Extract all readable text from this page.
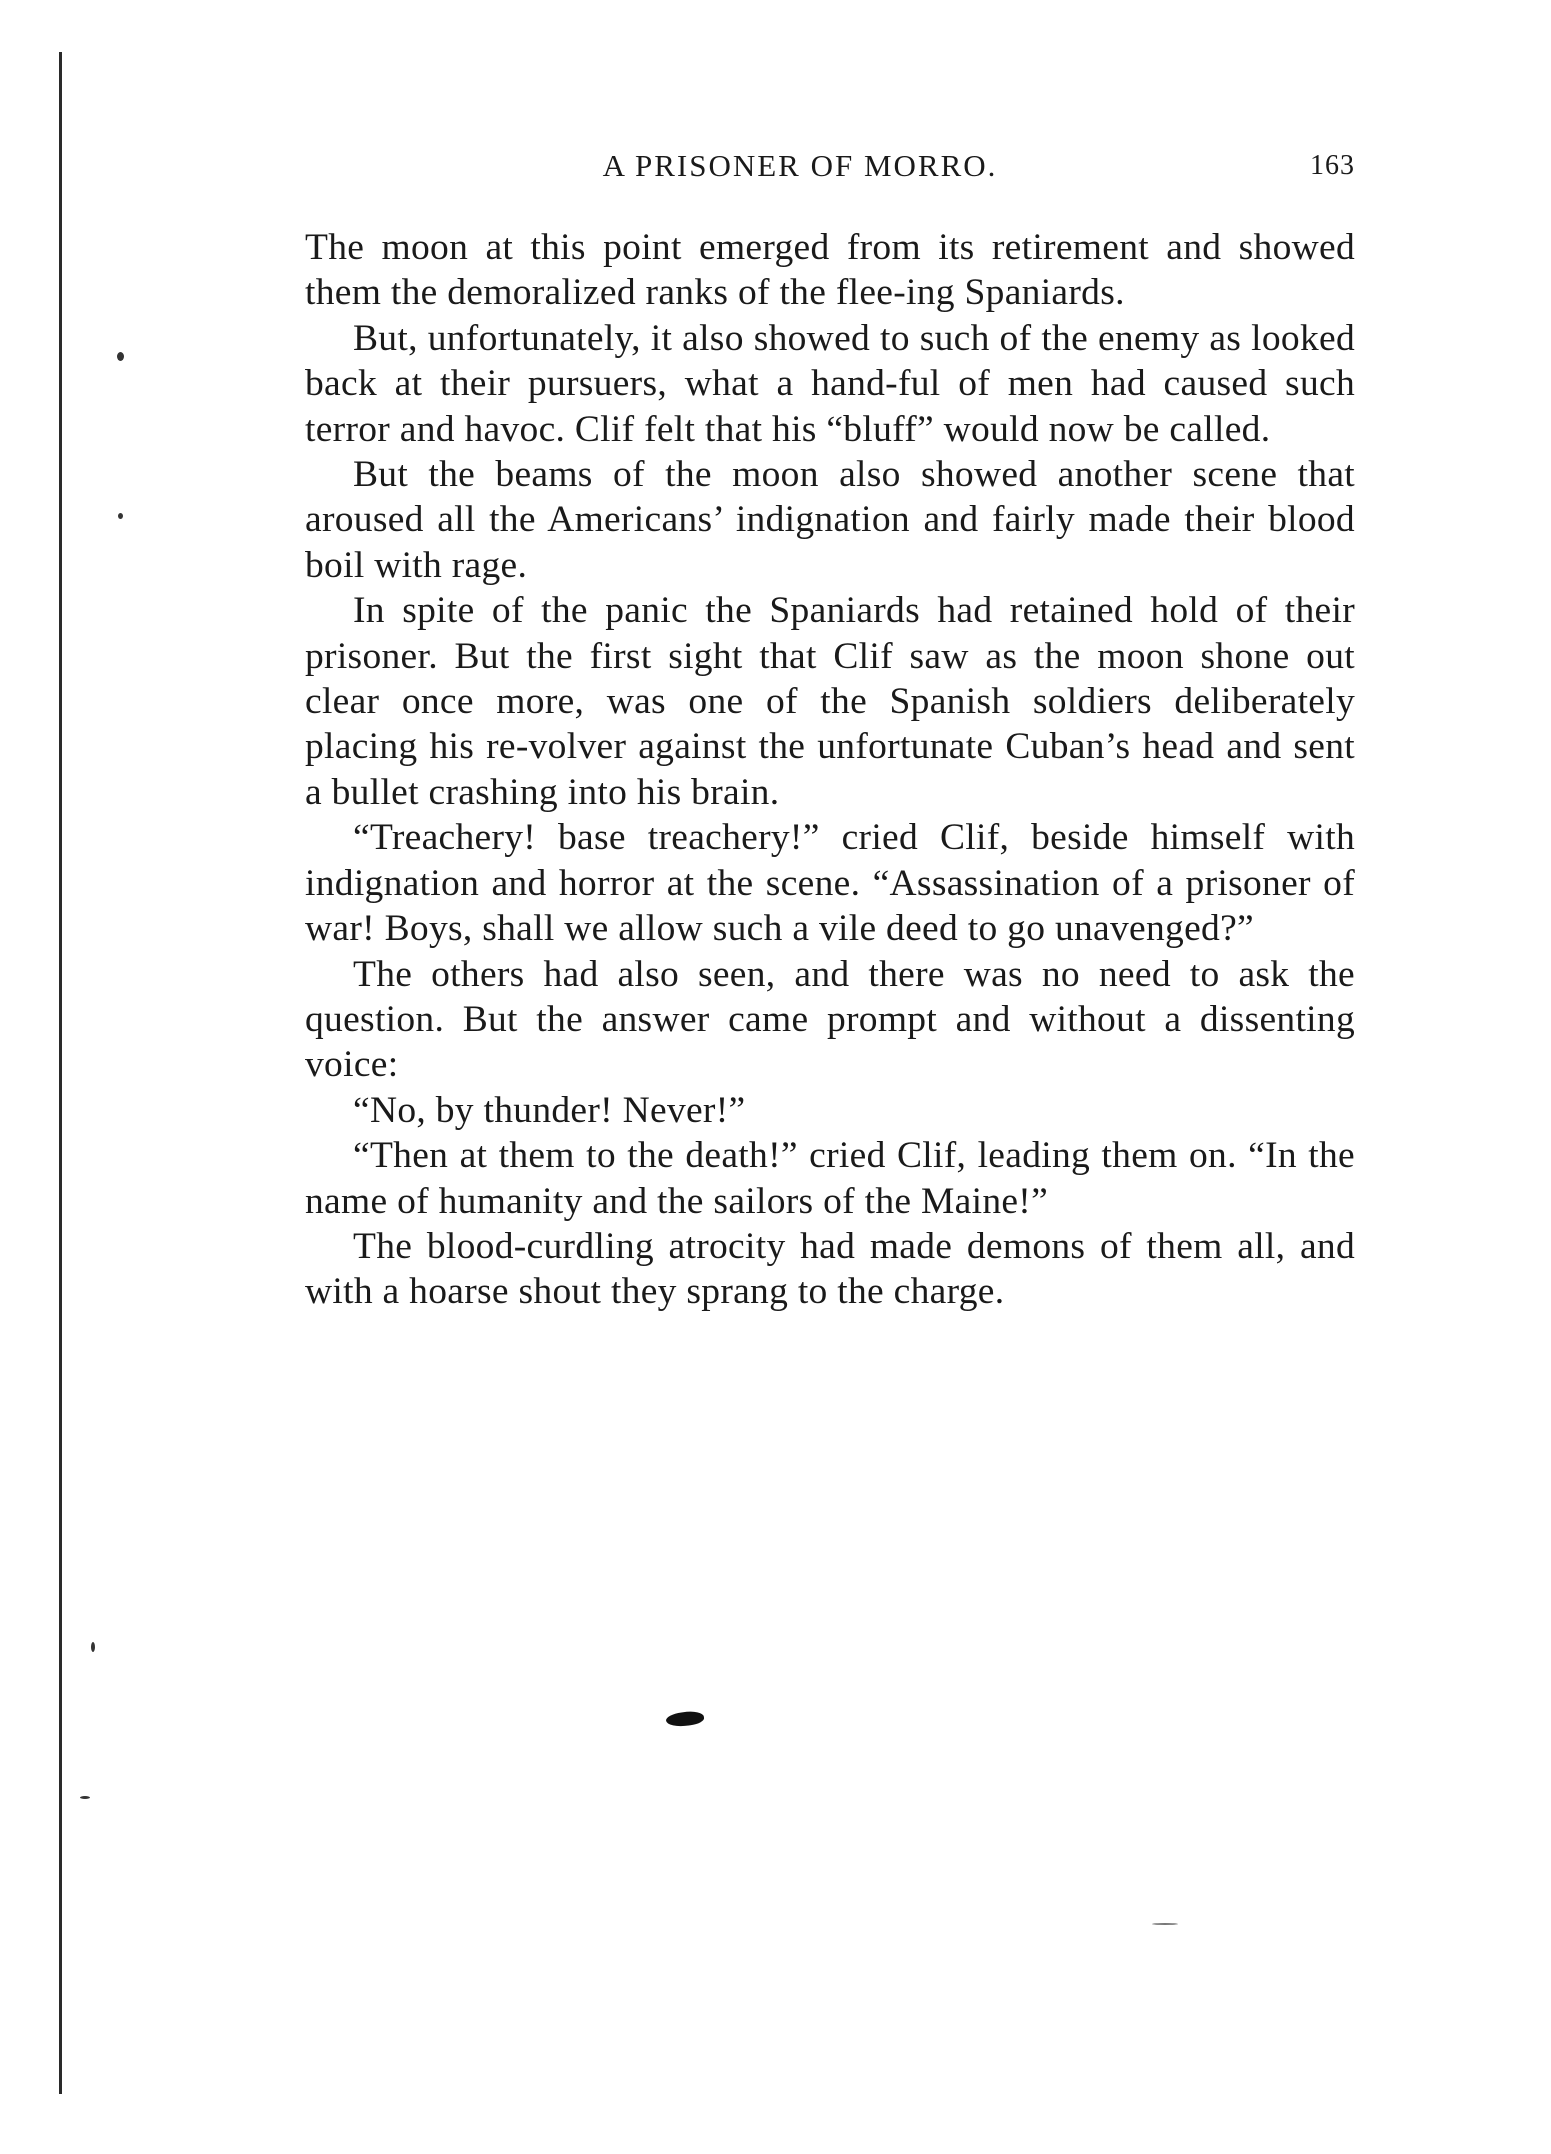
A PRISONER OF MORRO.	163

The moon at this point emerged from its retirement and showed them the demoralized ranks of the flee-ing Spaniards.

But, unfortunately, it also showed to such of the enemy as looked back at their pursuers, what a hand-ful of men had caused such terror and havoc. Clif felt that his “bluff” would now be called.

But the beams of the moon also showed another scene that aroused all the Americans’ indignation and fairly made their blood boil with rage.

In spite of the panic the Spaniards had retained hold of their prisoner. But the first sight that Clif saw as the moon shone out clear once more, was one of the Spanish soldiers deliberately placing his re-volver against the unfortunate Cuban’s head and sent a bullet crashing into his brain.

“Treachery! base treachery!” cried Clif, beside himself with indignation and horror at the scene. “Assassination of a prisoner of war! Boys, shall we allow such a vile deed to go unavenged?”

The others had also seen, and there was no need to ask the question. But the answer came prompt and without a dissenting voice:

“No, by thunder! Never!”

“Then at them to the death!” cried Clif, leading them on. “In the name of humanity and the sailors of the Maine!”

The blood-curdling atrocity had made demons of them all, and with a hoarse shout they sprang to the charge.
